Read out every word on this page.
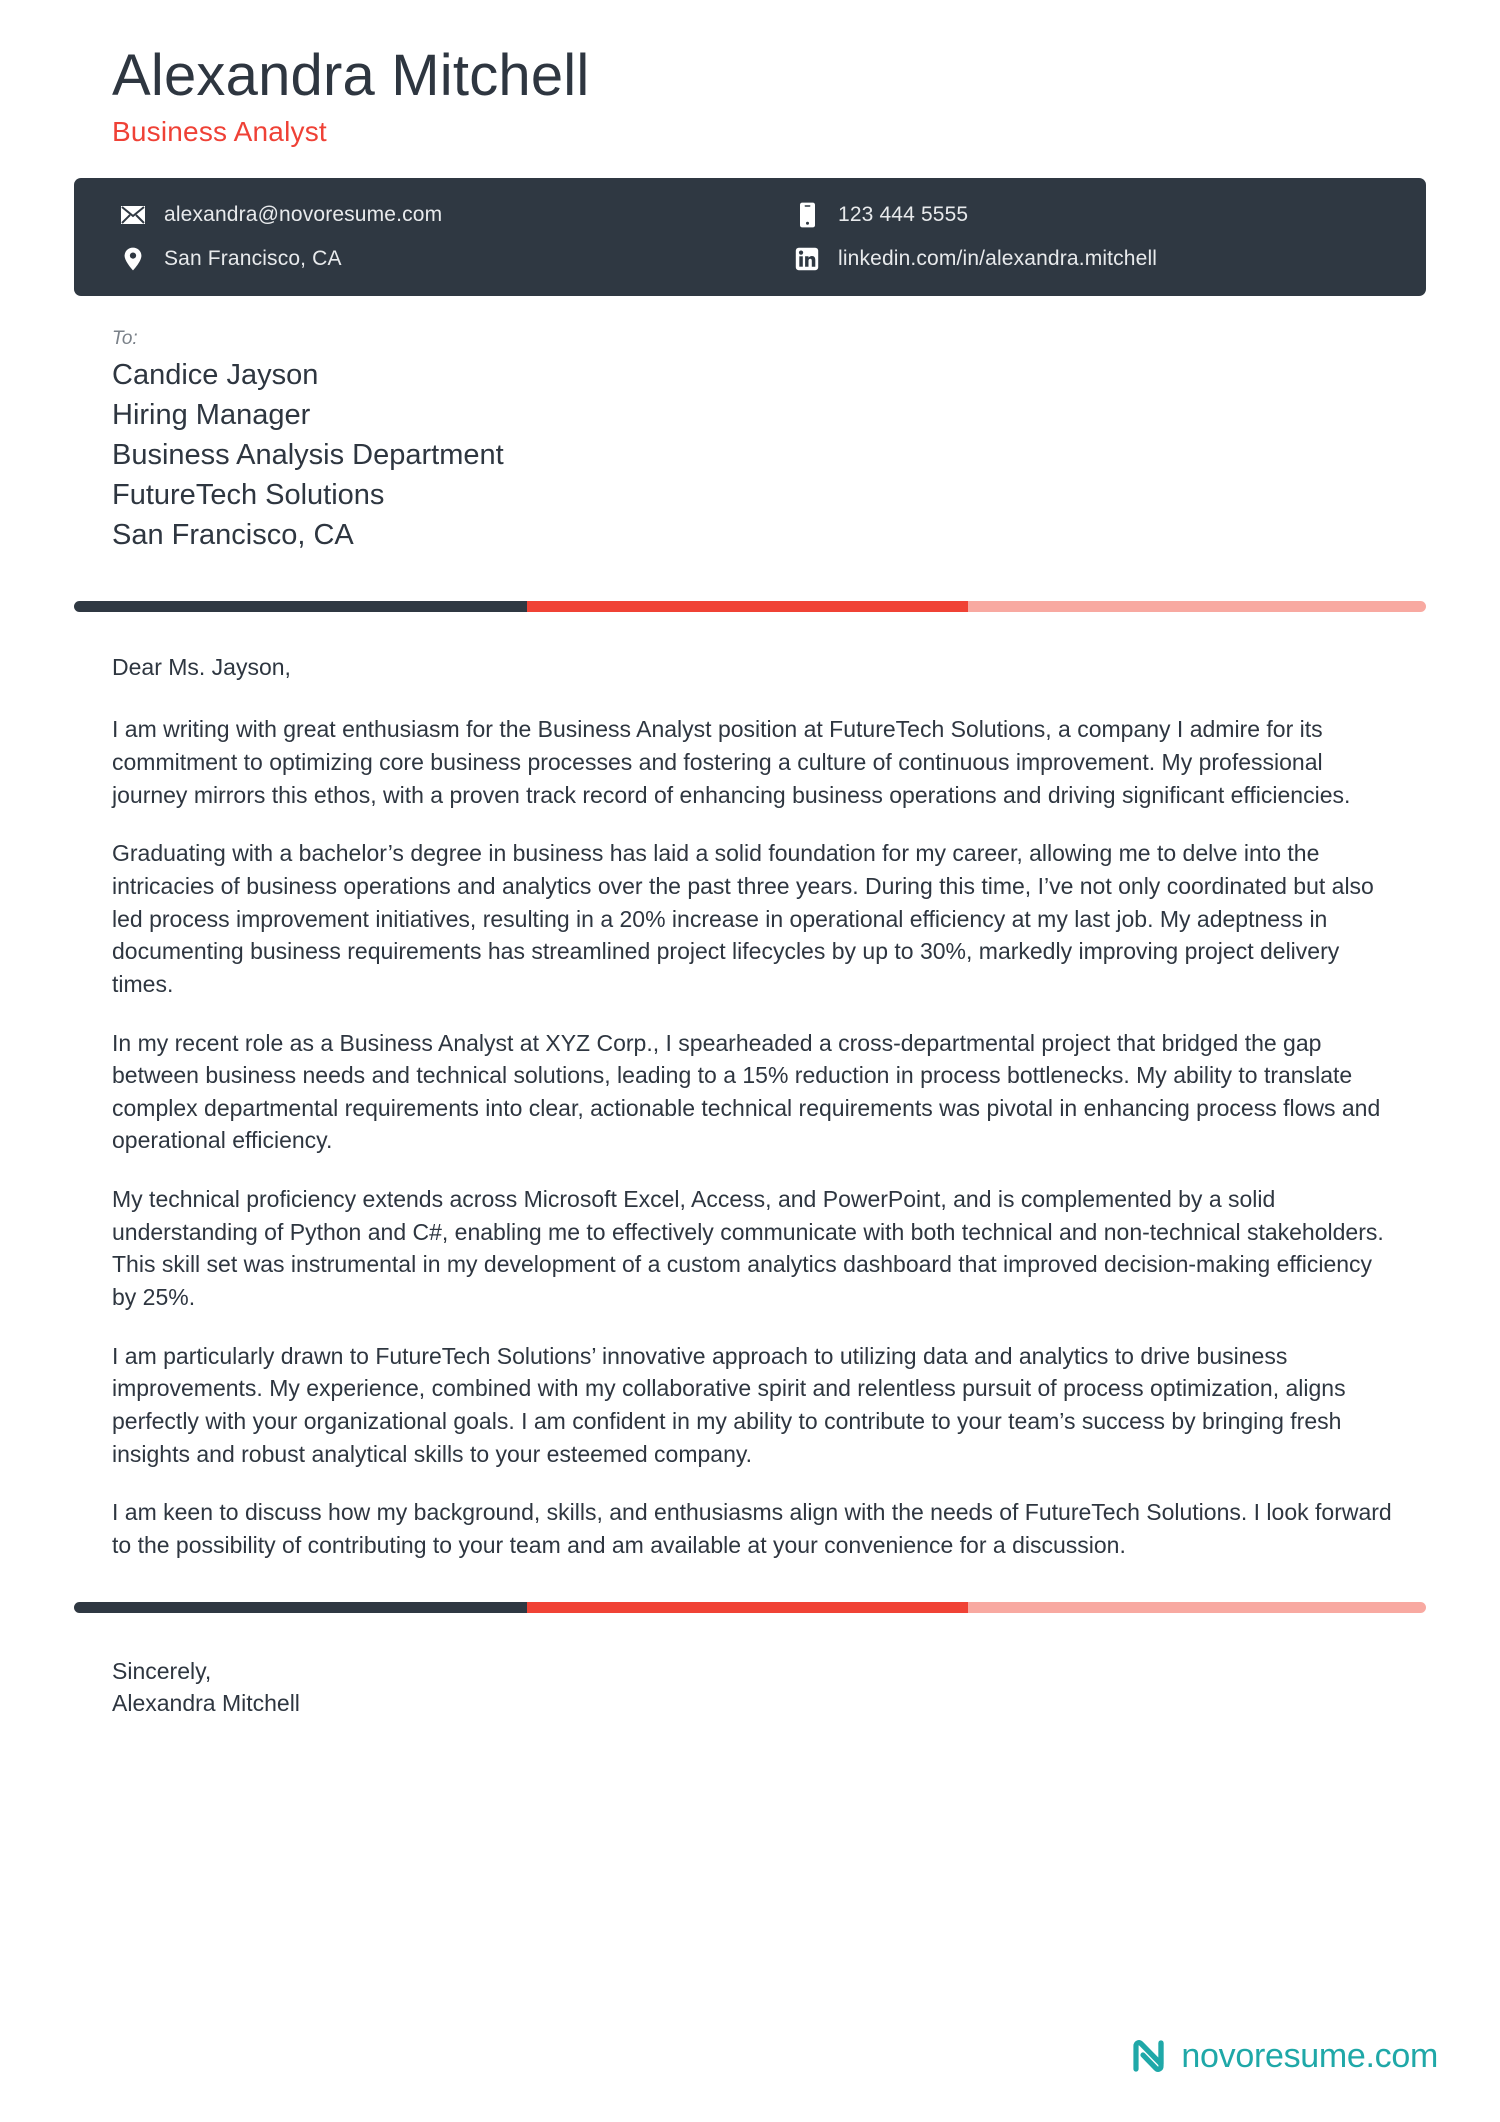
Alexandra Mitchell
Business Analyst
alexandra@novoresume.com
San Francisco, CA
123 444 5555
linkedin.com/in/alexandra.mitchell
To:
Candice Jayson
Hiring Manager
Business Analysis Department
FutureTech Solutions
San Francisco, CA
Dear Ms. Jayson,

I am writing with great enthusiasm for the Business Analyst position at FutureTech Solutions, a company I admire for its commitment to optimizing core business processes and fostering a culture of continuous improvement. My professional journey mirrors this ethos, with a proven track record of enhancing business operations and driving significant efficiencies.

Graduating with a bachelor’s degree in business has laid a solid foundation for my career, allowing me to delve into the intricacies of business operations and analytics over the past three years. During this time, I’ve not only coordinated but also led process improvement initiatives, resulting in a 20% increase in operational efficiency at my last job. My adeptness in documenting business requirements has streamlined project lifecycles by up to 30%, markedly improving project delivery times.

In my recent role as a Business Analyst at XYZ Corp., I spearheaded a cross-departmental project that bridged the gap between business needs and technical solutions, leading to a 15% reduction in process bottlenecks. My ability to translate complex departmental requirements into clear, actionable technical requirements was pivotal in enhancing process flows and operational efficiency.

My technical proficiency extends across Microsoft Excel, Access, and PowerPoint, and is complemented by a solid understanding of Python and C#, enabling me to effectively communicate with both technical and non-technical stakeholders. This skill set was instrumental in my development of a custom analytics dashboard that improved decision-making efficiency by 25%.

I am particularly drawn to FutureTech Solutions’ innovative approach to utilizing data and analytics to drive business improvements. My experience, combined with my collaborative spirit and relentless pursuit of process optimization, aligns perfectly with your organizational goals. I am confident in my ability to contribute to your team’s success by bringing fresh insights and robust analytical skills to your esteemed company.

I am keen to discuss how my background, skills, and enthusiasms align with the needs of FutureTech Solutions. I look forward to the possibility of contributing to your team and am available at your convenience for a discussion.

Sincerely,
Alexandra Mitchell
novoresume.com
